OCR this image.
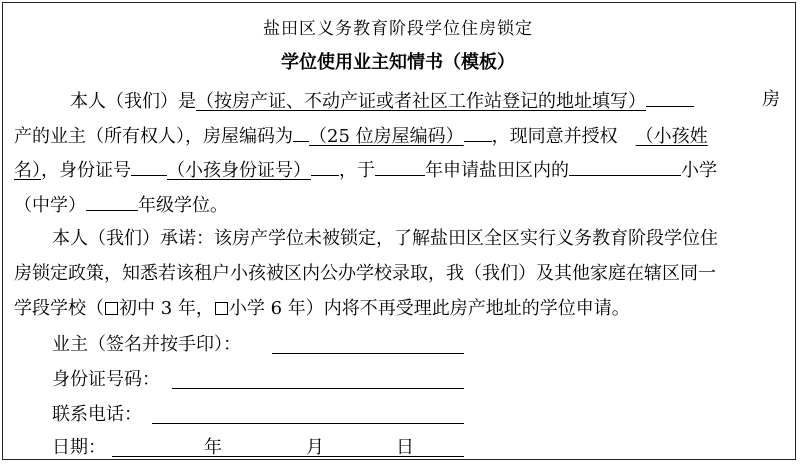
盐田区义务教育阶段学位住房锁定
学位使用业主知情书（模板）
本人（我们）是（按房产证、不动产证或者社区工作站登记的地址填写）	房
产的业主（所有权人），房屋编码为 （25 位房屋编码） ，现同意并授权 （小孩姓
名），身份证号 （小孩身份证号） ，于	年申请盐田区内的	小学
（中学）	年级学位。
本人（我们）承诺：该房产学位未被锁定，了解盐田区全区实行义务教育阶段学位住
房锁定政策，知悉若该租户小孩被区内公办学校录取，我（我们）及其他家庭在辖区同一
学段学校（ 初中 3 年， 小学 6 年）内将不再受理此房产地址的学位申请。
业主（签名并按手印）：
身份证号码：
联系电话：
日期：	年	月	日
